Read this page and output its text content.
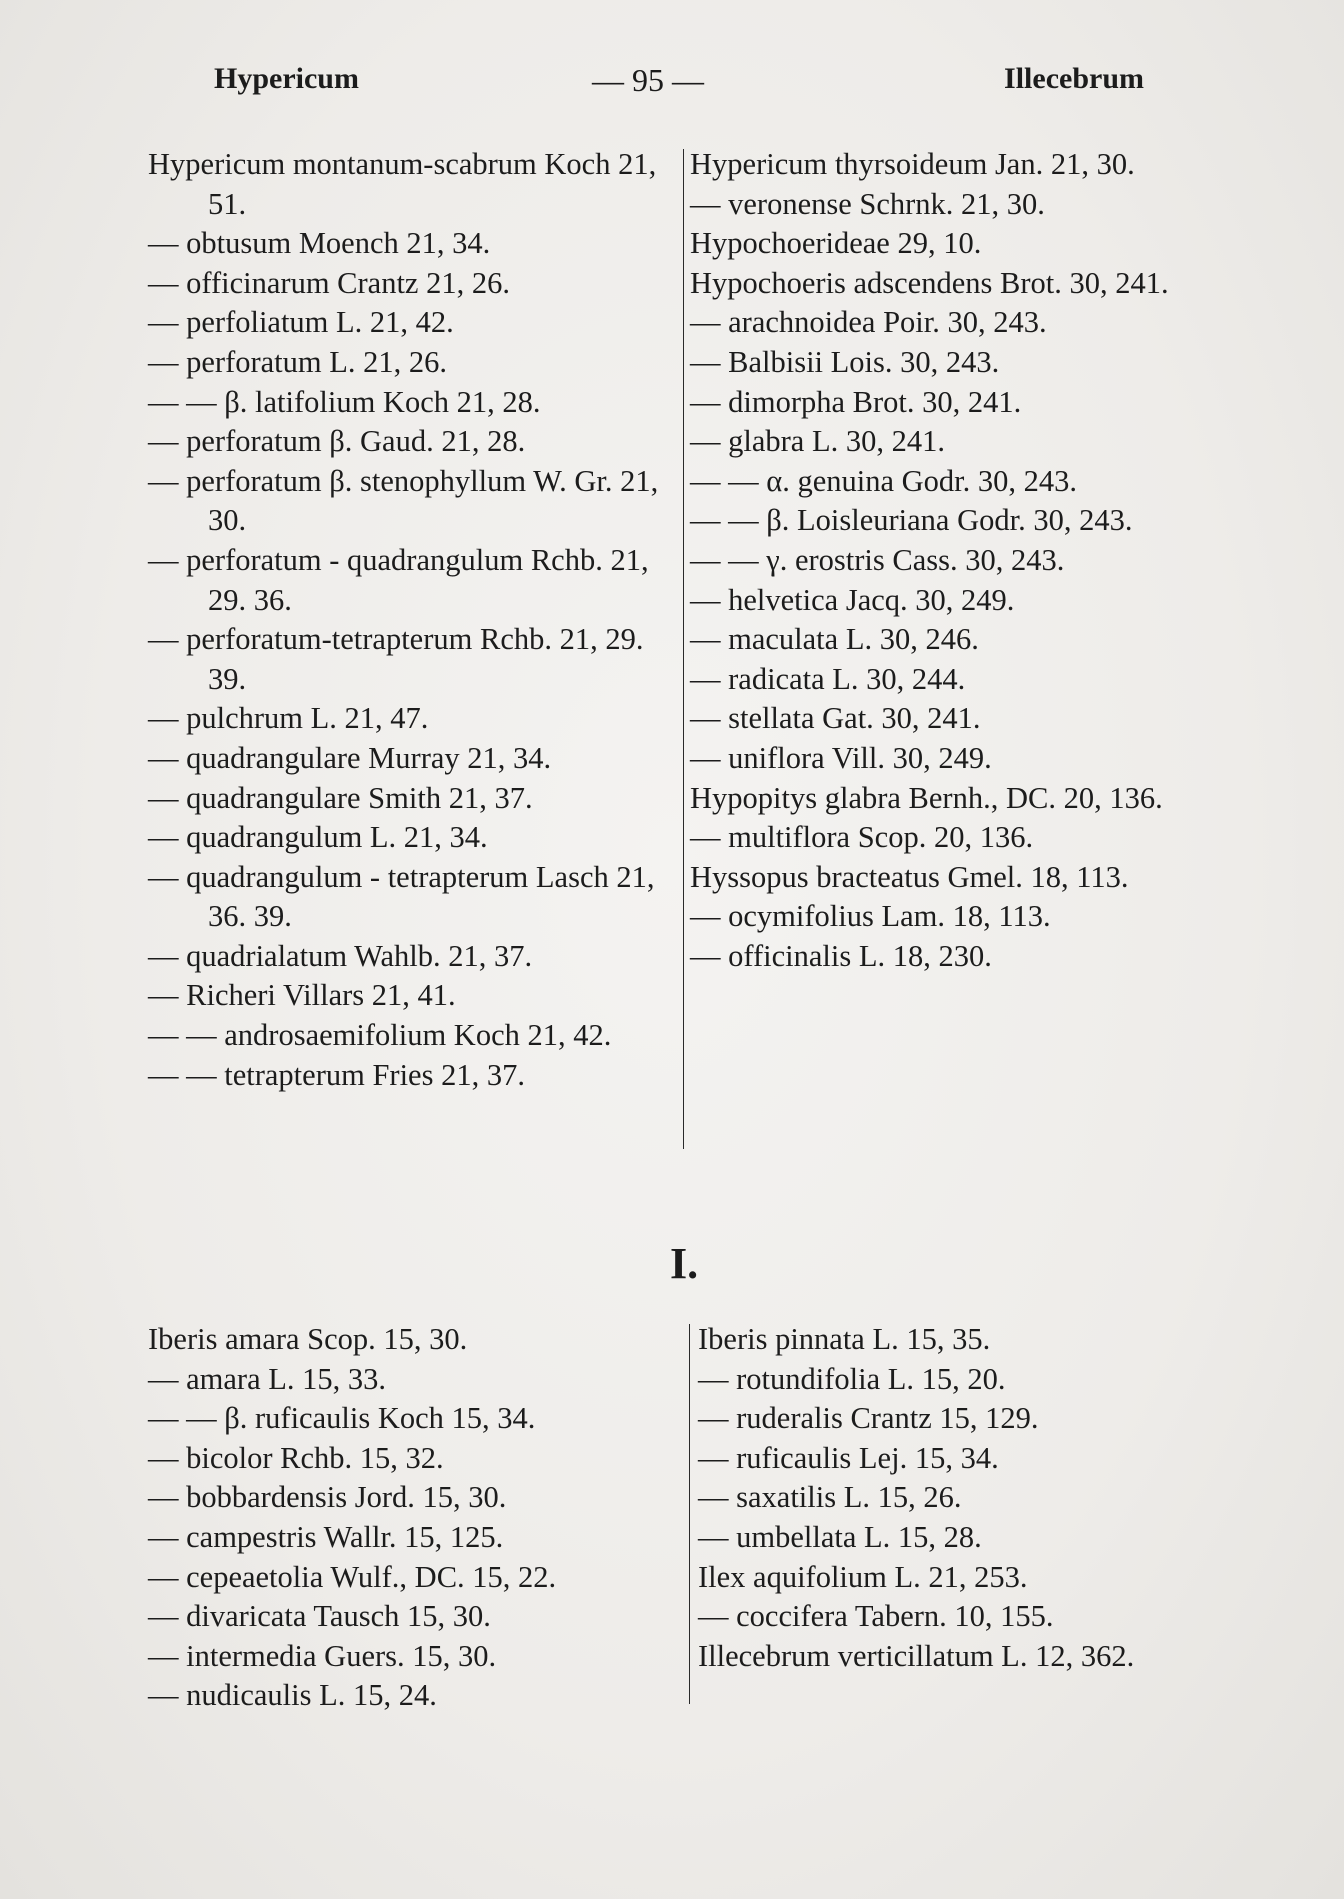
Hypericum	— 95 —	Illecebrum

Hypericum montanum-scabrum Koch 21, 51.

— obtusum Moench 21, 34.

— officinarum Crantz 21, 26.

— perfoliatum L. 21, 42.

— perforatum L. 21, 26.

— — β. latifolium Koch 21, 28.

— perforatum β. Gaud. 21, 28.

— perforatum β. stenophyllum W. Gr. 21, 30.

— perforatum - quadrangulum Rchb. 21, 29. 36.

— perforatum-tetrapterum Rchb. 21, 29. 39.

— pulchrum L. 21, 47.

— quadrangulare Murray 21, 34.

— quadrangulare Smith 21, 37.

— quadrangulum L. 21, 34.

— quadrangulum - tetrapterum Lasch 21, 36. 39.

— quadrialatum Wahlb. 21, 37.

— Richeri Villars 21, 41.

— — androsaemifolium Koch 21, 42.

— — tetrapterum Fries 21, 37.

Hypericum thyrsoideum Jan. 21, 30.

— veronense Schrnk. 21, 30.

Hypochoerideae 29, 10.

Hypochoeris adscendens Brot. 30, 241.

— arachnoidea Poir. 30, 243.

— Balbisii Lois. 30, 243.

— dimorpha Brot. 30, 241.

— glabra L. 30, 241.

— — α. genuina Godr. 30, 243.

— — β. Loisleuriana Godr. 30, 243.

— — γ. erostris Cass. 30, 243.

— helvetica Jacq. 30, 249.

— maculata L. 30, 246.

— radicata L. 30, 244.

— stellata Gat. 30, 241.

— uniflora Vill. 30, 249.

Hypopitys glabra Bernh., DC. 20, 136.

— multiflora Scop. 20, 136.

Hyssopus bracteatus Gmel. 18, 113.

— ocymifolius Lam. 18, 113.

— officinalis L. 18, 230.

I.

Iberis amara Scop. 15, 30.

— amara L. 15, 33.

— — β. ruficaulis Koch 15, 34.

— bicolor Rchb. 15, 32.

— bobbardensis Jord. 15, 30.

— campestris Wallr. 15, 125.

— cepeaetolia Wulf., DC. 15, 22.

— divaricata Tausch 15, 30.

— intermedia Guers. 15, 30.

— nudicaulis L. 15, 24.

Iberis pinnata L. 15, 35.

— rotundifolia L. 15, 20.

— ruderalis Crantz 15, 129.

— ruficaulis Lej. 15, 34.

— saxatilis L. 15, 26.

— umbellata L. 15, 28.

Ilex aquifolium L. 21, 253.

— coccifera Tabern. 10, 155.

Illecebrum verticillatum L. 12, 362.
